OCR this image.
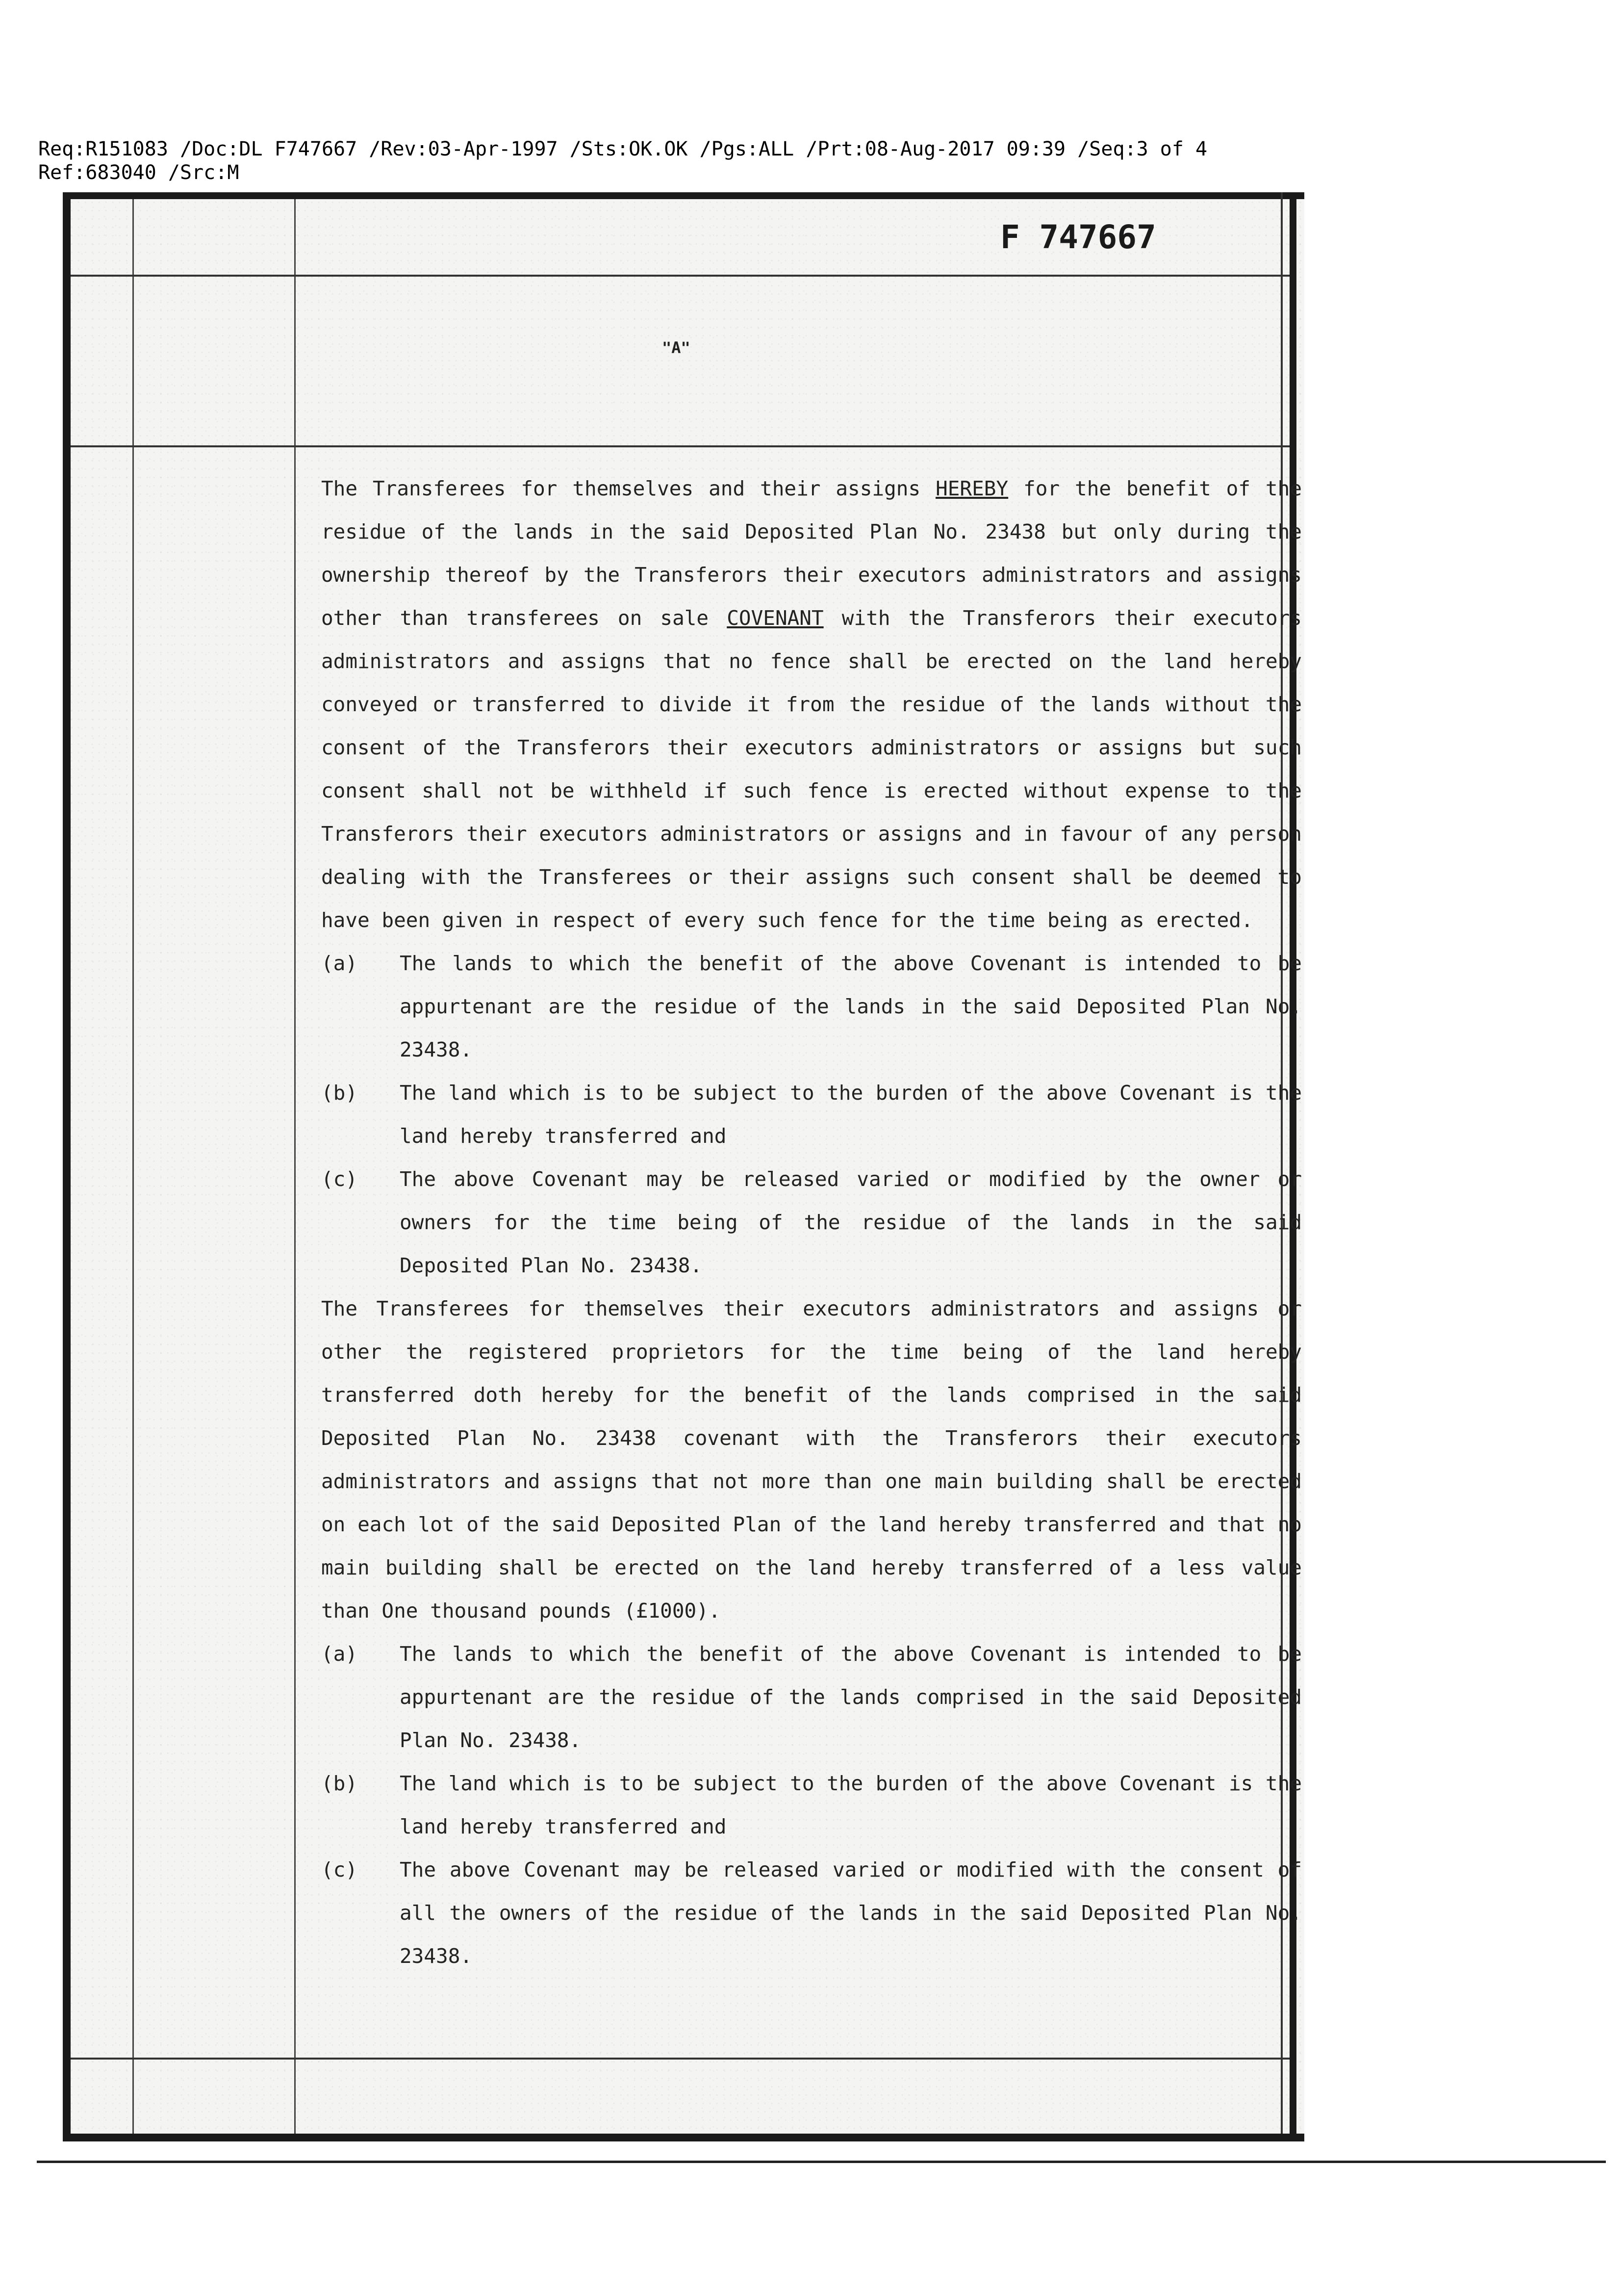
Req:R151083 /Doc:DL F747667 /Rev:03-Apr-1997 /Sts:OK.OK /Pgs:ALL /Prt:08-Aug-2017 09:39 /Seq:3 of 4
Ref:683040 /Src:M
F 747667
"A"

The Transferees for themselves and their assigns HEREBY for the benefit of the residue of the lands in the said Deposited Plan No. 23438 but only during the ownership thereof by the Transferors their executors administrators and assigns other than transferees on sale COVENANT with the Transferors their executors administrators and assigns that no fence shall be erected on the land hereby conveyed or transferred to divide it from the residue of the lands without the consent of the Transferors their executors administrators or assigns but such consent shall not be withheld if such fence is erected without expense to the Transferors their executors administrators or assigns and in favour of any person dealing with the Transferees or their assigns such consent shall be deemed to have been given in respect of every such fence for the time being as erected.

(a)	The lands to which the benefit of the above Covenant is intended to be appurtenant are the residue of the lands in the said Deposited Plan No. 23438.
(b)	The land which is to be subject to the burden of the above Covenant is the land hereby transferred and
(c)	The above Covenant may be released varied or modified by the owner or owners for the time being of the residue of the lands in the said Deposited Plan No. 23438.

The Transferees for themselves their executors administrators and assigns or other the registered proprietors for the time being of the land hereby transferred doth hereby for the benefit of the lands comprised in the said Deposited Plan No. 23438 covenant with the Transferors their executors administrators and assigns that not more than one main building shall be erected on each lot of the said Deposited Plan of the land hereby transferred and that no main building shall be erected on the land hereby transferred of a less value than One thousand pounds (£1000).

(a)	The lands to which the benefit of the above Covenant is intended to be appurtenant are the residue of the lands comprised in the said Deposited Plan No. 23438.
(b)	The land which is to be subject to the burden of the above Covenant is the land hereby transferred and
(c)	The above Covenant may be released varied or modified with the consent of all the owners of the residue of the lands in the said Deposited Plan No. 23438.
